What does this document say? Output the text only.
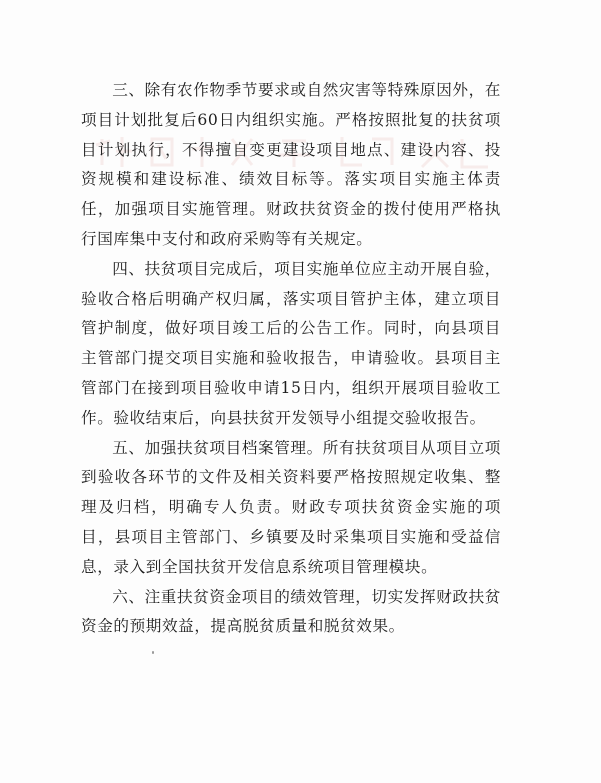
三、除有农作物季节要求或自然灾害等特殊原因外，在项目计划批复后60日内组织实施。严格按照批复的扶贫项目计划执行，不得擅自变更建设项目地点、建设内容、投资规模和建设标准、绩效目标等。落实项目实施主体责任，加强项目实施管理。财政扶贫资金的拨付使用严格执行国库集中支付和政府采购等有关规定。

四、扶贫项目完成后，项目实施单位应主动开展自验，验收合格后明确产权归属，落实项目管护主体，建立项目管护制度，做好项目竣工后的公告工作。同时，向县项目主管部门提交项目实施和验收报告，申请验收。县项目主管部门在接到项目验收申请15日内，组织开展项目验收工作。验收结束后，向县扶贫开发领导小组提交验收报告。

五、加强扶贫项目档案管理。所有扶贫项目从项目立项到验收各环节的文件及相关资料要严格按照规定收集、整理及归档，明确专人负责。财政专项扶贫资金实施的项目，县项目主管部门、乡镇要及时采集项目实施和受益信息，录入到全国扶贫开发信息系统项目管理模块。

六、注重扶贫资金项目的绩效管理，切实发挥财政扶贫资金的预期效益，提高脱贫质量和脱贫效果。
